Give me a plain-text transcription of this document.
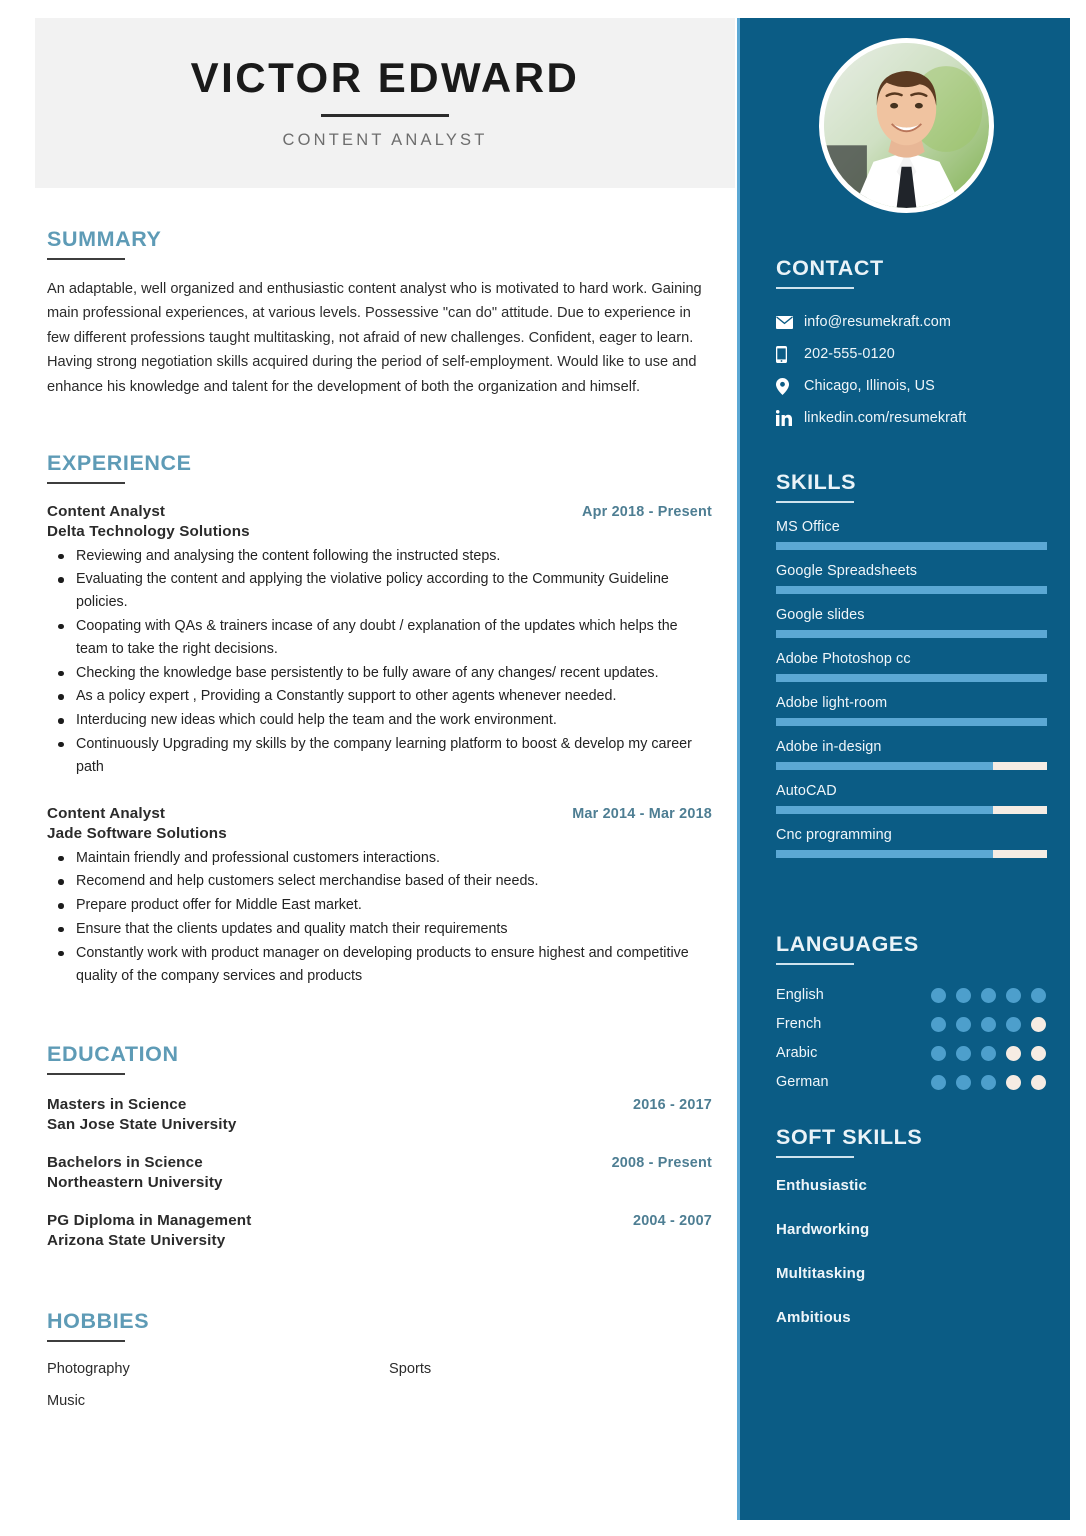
VICTOR EDWARD
CONTENT ANALYST
SUMMARY

An adaptable, well organized and enthusiastic content analyst who is motivated to hard work. Gaining main professional experiences, at various levels. Possessive "can do" attitude. Due to experience in few different professions taught multitasking, not afraid of new challenges. Confident, eager to learn. Having strong negotiation skills acquired during the period of self-employment. Would like to use and enhance his knowledge and talent for the development of both the organization and himself.

EXPERIENCE
Content Analyst	Apr 2018 - Present
Delta Technology Solutions
Reviewing and analysing the content following the instructed steps.
Evaluating the content and applying the violative policy according to the Community Guideline policies.
Coopating with QAs & trainers incase of any doubt / explanation of the updates which helps the team to take the right decisions.
Checking the knowledge base persistently to be fully aware of any changes/ recent updates.
As a policy expert , Providing a Constantly support to other agents whenever needed.
Interducing new ideas which could help the team and the work environment.
Continuously Upgrading my skills by the company learning platform to boost & develop my career path
Content Analyst	Mar 2014 - Mar 2018
Jade Software Solutions
Maintain friendly and professional customers interactions.
Recomend and help customers select merchandise based of their needs.
Prepare product offer for Middle East market.
Ensure that the clients updates and quality match their requirements
Constantly work with product manager on developing products to ensure highest and competitive quality of the company services and products
EDUCATION
Masters in Science	2016 - 2017
San Jose State University
Bachelors in Science	2008 - Present
Northeastern University
PG Diploma in Management	2004 - 2007
Arizona State University
HOBBIES
Photography	Sports
Music
CONTACT
info@resumekraft.com
202-555-0120
Chicago, Illinois, US
linkedin.com/resumekraft
SKILLS
MS Office
Google Spreadsheets
Google slides
Adobe Photoshop cc
Adobe light-room
Adobe in-design
AutoCAD
Cnc programming
LANGUAGES
English
French
Arabic
German
SOFT SKILLS
Enthusiastic
Hardworking
Multitasking
Ambitious
